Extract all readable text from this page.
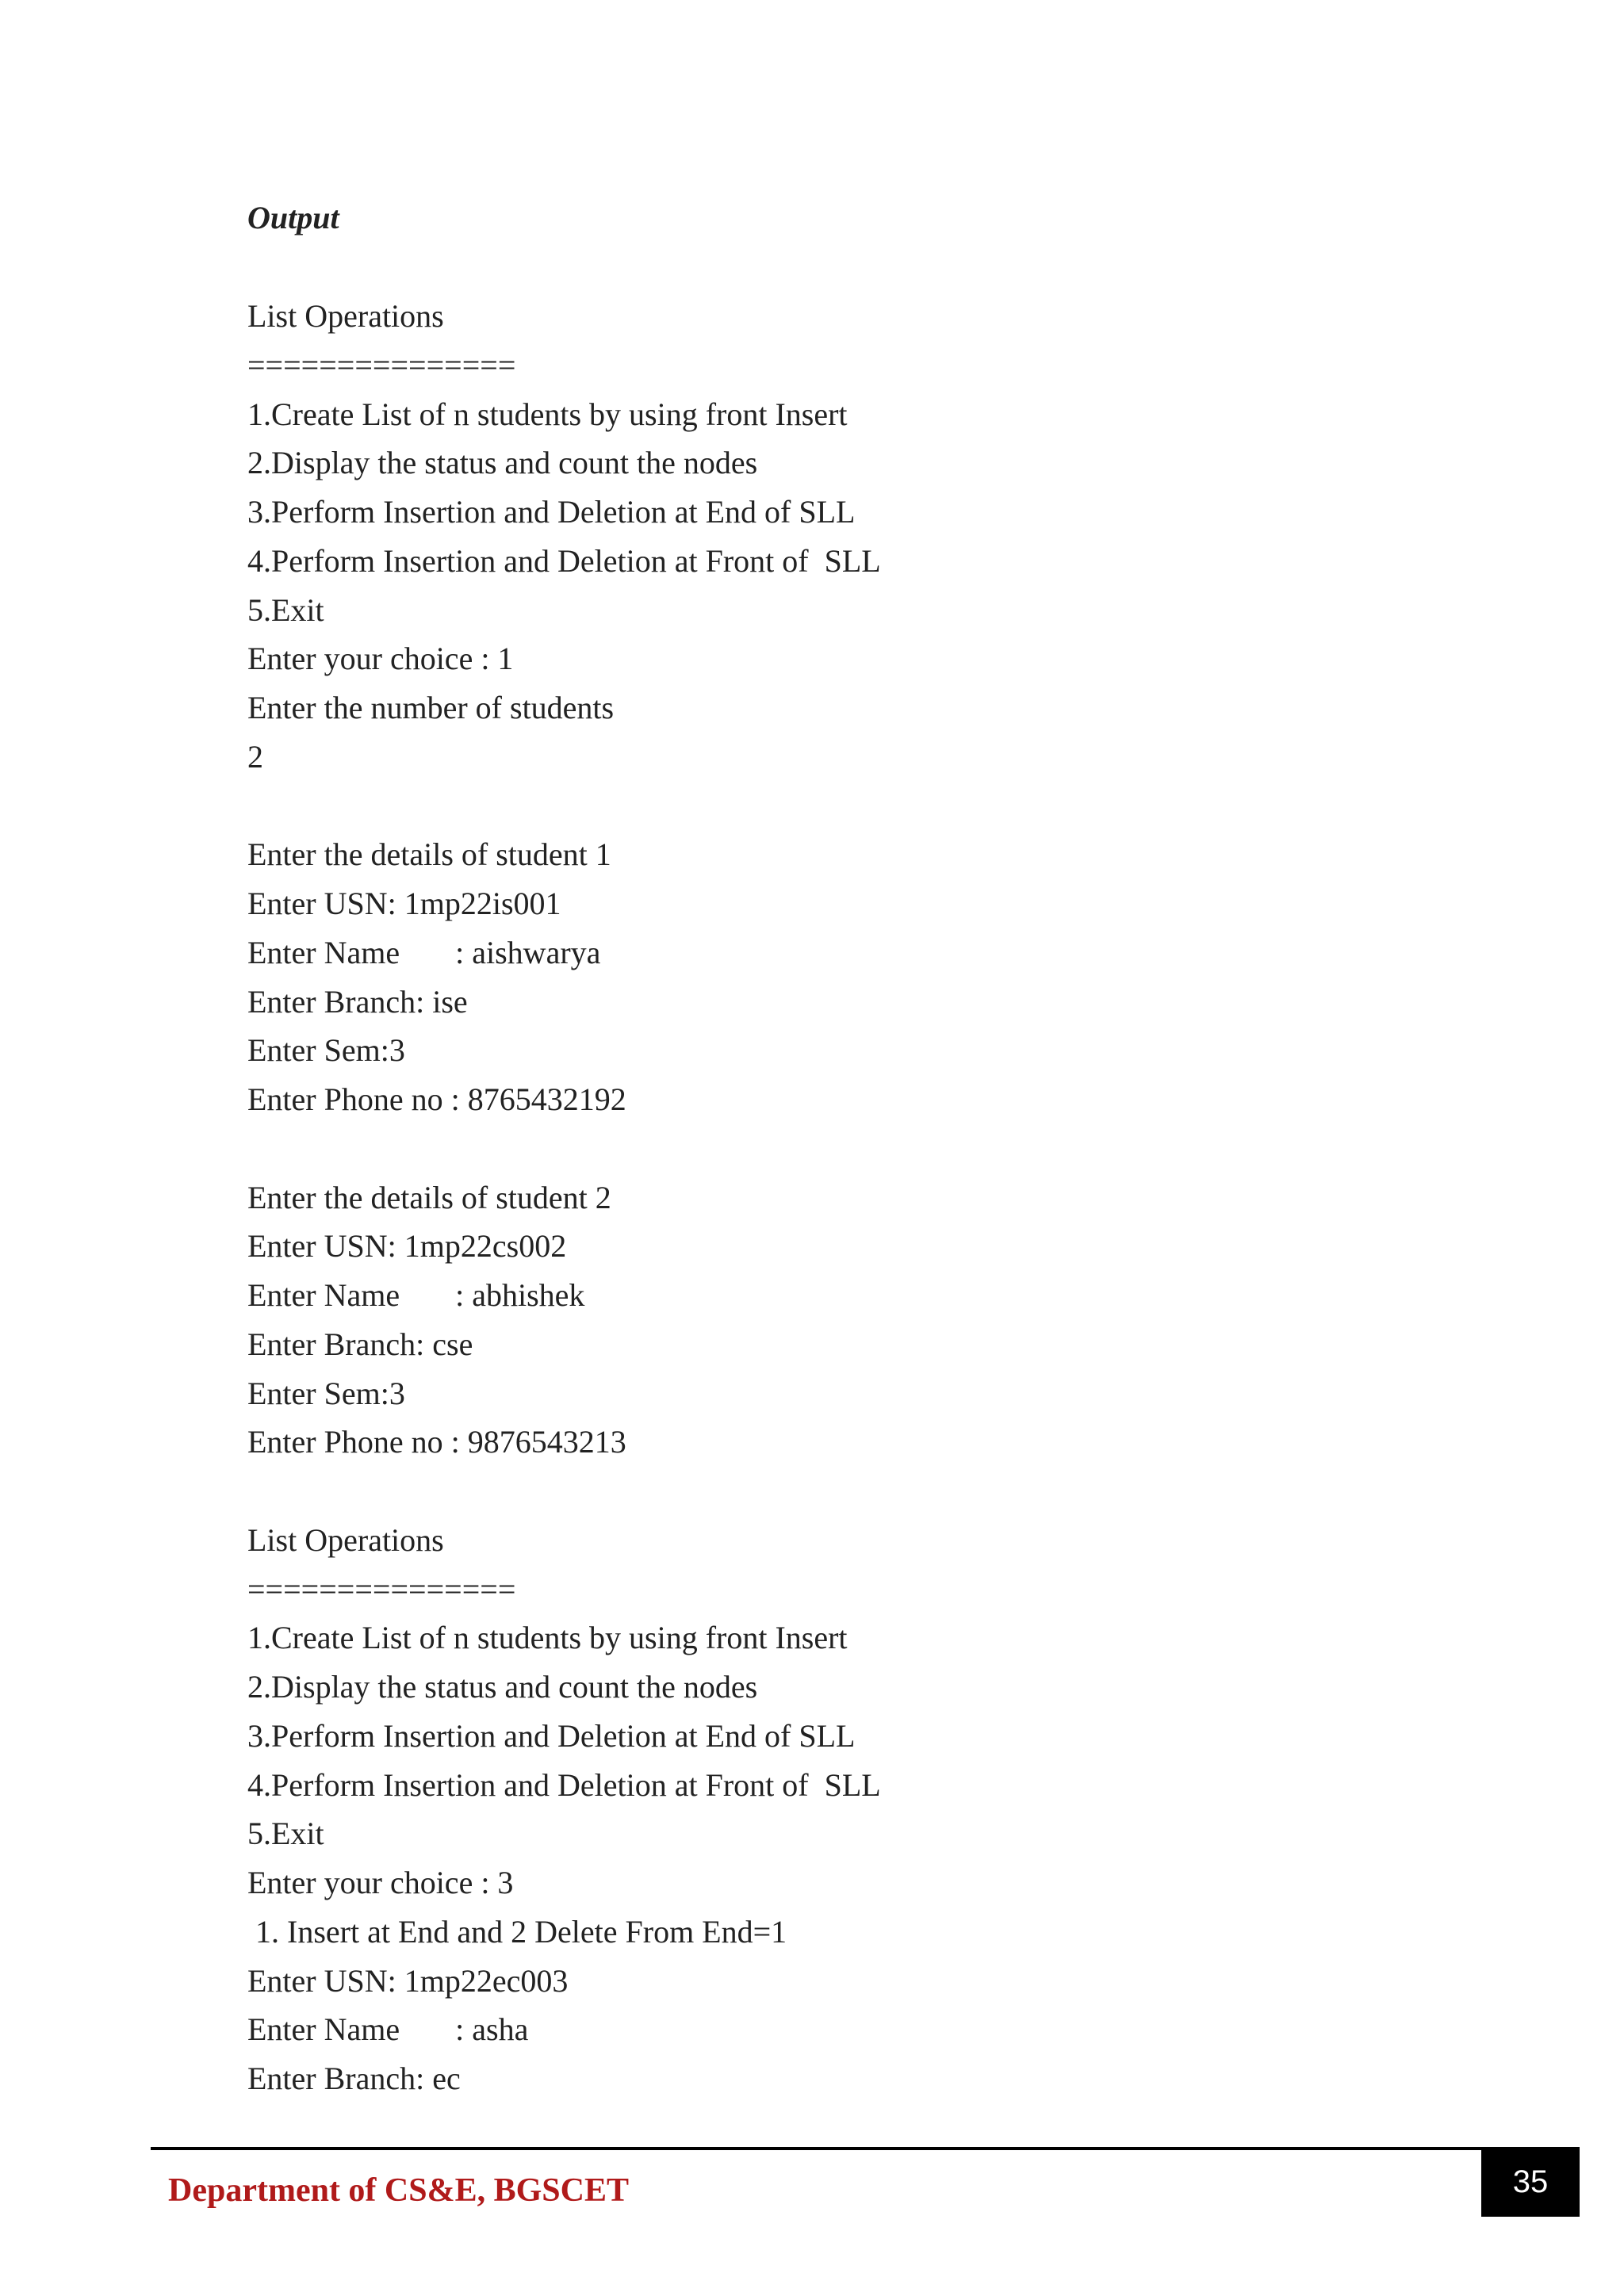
Output
List Operations
===============
1.Create List of n students by using front Insert
2.Display the status and count the nodes
3.Perform Insertion and Deletion at End of SLL
4.Perform Insertion and Deletion at Front of  SLL
5.Exit
Enter your choice : 1
Enter the number of students
2
Enter the details of student 1
Enter USN: 1mp22is001
Enter Name       : aishwarya
Enter Branch: ise
Enter Sem:3
Enter Phone no : 8765432192
Enter the details of student 2
Enter USN: 1mp22cs002
Enter Name       : abhishek
Enter Branch: cse
Enter Sem:3
Enter Phone no : 9876543213
List Operations
===============
1.Create List of n students by using front Insert
2.Display the status and count the nodes
3.Perform Insertion and Deletion at End of SLL
4.Perform Insertion and Deletion at Front of  SLL
5.Exit
Enter your choice : 3
1. Insert at End and 2 Delete From End=1
Enter USN: 1mp22ec003
Enter Name       : asha
Enter Branch: ec
Department of CS&E, BGSCET	35
